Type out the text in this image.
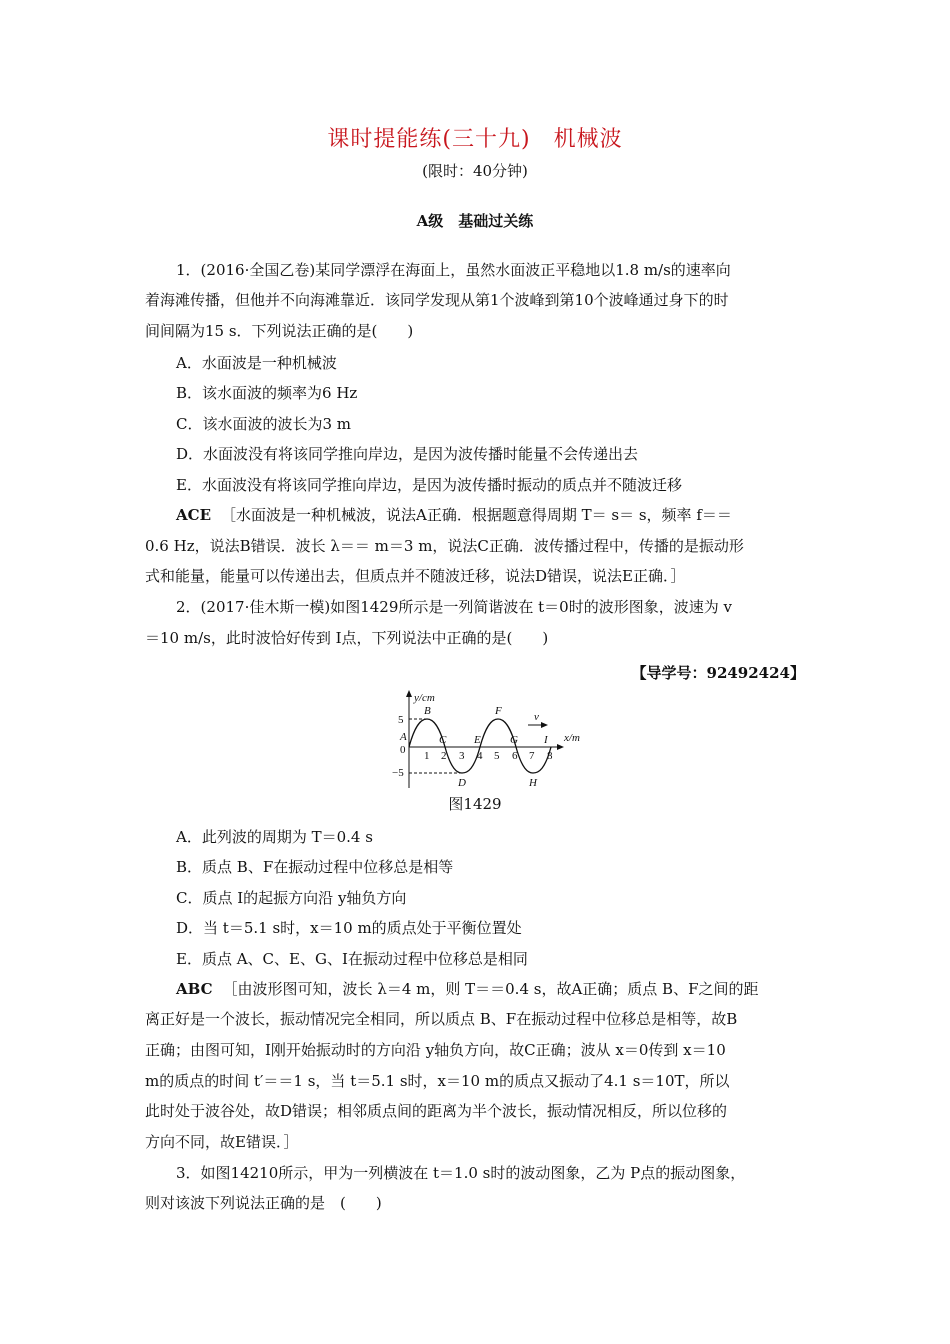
课时提能练(三十九)　机械波
(限时：40分钟)
A级　基础过关练
1．(2016·全国乙卷)某同学漂浮在海面上，虽然水面波正平稳地以1.8 m/s的速率向
着海滩传播，但他并不向海滩靠近．该同学发现从第1个波峰到第10个波峰通过身下的时
间间隔为15 s．下列说法正确的是(　　)
A．水面波是一种机械波
B．该水面波的频率为6 Hz
C．该水面波的波长为3 m
D．水面波没有将该同学推向岸边，是因为波传播时能量不会传递出去
E．水面波没有将该同学推向岸边，是因为波传播时振动的质点并不随波迁移
ACE ［水面波是一种机械波，说法A正确．根据题意得周期 T＝ s＝ s，频率 f＝＝
0.6 Hz，说法B错误．波长 λ＝＝ m＝3 m，说法C正确．波传播过程中，传播的是振动形
式和能量，能量可以传递出去，但质点并不随波迁移，说法D错误，说法E正确．］
2．(2017·佳木斯一模)如图1429所示是一列简谐波在 t＝0时的波形图象，波速为 v
＝10 m/s，此时波恰好传到 I点，下列说法中正确的是(　　)
【导学号：92492424】
y/cm
x/m
5
−5
0
v
A
B
C
D
E
F
G
H
I
1 2 3 4 5 6 7 8
图1429
A．此列波的周期为 T＝0.4 s
B．质点 B、F在振动过程中位移总是相等
C．质点 I的起振方向沿 y轴负方向
D．当 t＝5.1 s时，x＝10 m的质点处于平衡位置处
E．质点 A、C、E、G、I在振动过程中位移总是相同
ABC ［由波形图可知，波长 λ＝4 m，则 T＝＝0.4 s，故A正确；质点 B、F之间的距
离正好是一个波长，振动情况完全相同，所以质点 B、F在振动过程中位移总是相等，故B
正确；由图可知，I刚开始振动时的方向沿 y轴负方向，故C正确；波从 x＝0传到 x＝10
m的质点的时间 t′＝＝1 s，当 t＝5.1 s时，x＝10 m的质点又振动了4.1 s＝10T，所以
此时处于波谷处，故D错误；相邻质点间的距离为半个波长，振动情况相反，所以位移的
方向不同，故E错误．］
3．如图14210所示，甲为一列横波在 t＝1.0 s时的波动图象，乙为 P点的振动图象，
则对该波下列说法正确的是　(　　)
